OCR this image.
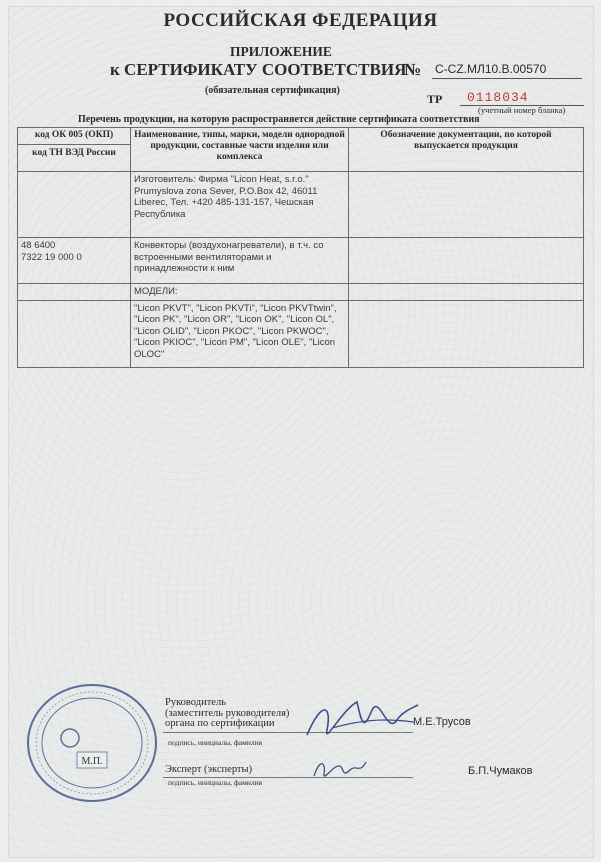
РОССИЙСКАЯ ФЕДЕРАЦИЯ
ПРИЛОЖЕНИЕ
к СЕРТИФИКАТУ СООТВЕТСТВИЯ
№ C-CZ.МЛ10.В.00570
(обязательная сертификация)
ТР 0118034
(учетный номер бланка)
Перечень продукции, на которую распространяется действие сертификата соответствия
код ОК 005 (ОКП)
код ТН ВЭД России	Наименование, типы, марки, модели однородной продукции, составные части изделия или комплекса	Обозначение документации, по которой выпускается продукция
	Изготовитель: Фирма "Licon Heat, s.r.o." Prumyslova zona Sever, P.O.Box 42, 46011 Liberec, Тел. +420 485-131-157, Чешская Республика	

48 6400
7322 19 000 0	Конвекторы (воздухонагреватели), в т.ч. со встроенными вентиляторами и принадлежности к ним	
	МОДЕЛИ:	
	"Licon PKVT", "Licon PKVTi", "Licon PKVTtwin", "Licon PK", "Licon OR", "Licon OK", "Licon OL", "Licon OLID", "Licon PKOC", "Licon PKWOC", "Licon PKIOC", "Licon PM", "Licon OLE", "Licon OLOC"	
М.П.
Руководитель
(заместитель руководителя)
органа по сертификации
подпись, инициалы, фамилия
М.Е.Трусов
Эксперт (эксперты)
подпись, инициалы, фамилия
Б.П.Чумаков
